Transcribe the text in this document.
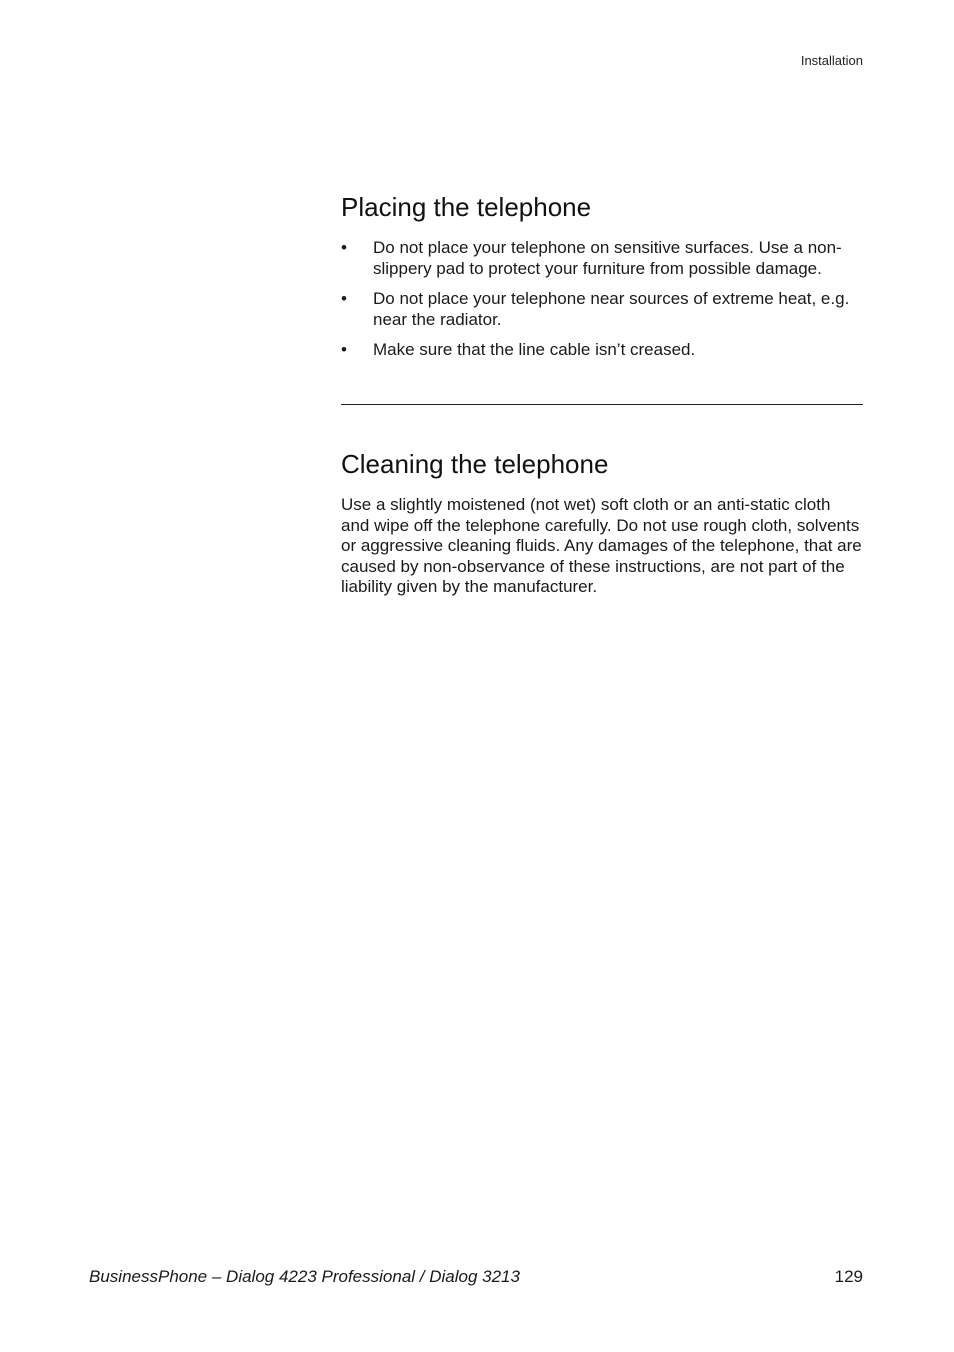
Installation
Placing the telephone
• Do not place your telephone on sensitive surfaces. Use a non-slippery pad to protect your furniture from possible damage.
• Do not place your telephone near sources of extreme heat, e.g. near the radiator.
• Make sure that the line cable isn’t creased.
Cleaning the telephone

Use a slightly moistened (not wet) soft cloth or an anti-static cloth and wipe off the telephone carefully. Do not use rough cloth, solvents or aggressive cleaning fluids. Any damages of the telephone, that are caused by non-observance of these instructions, are not part of the liability given by the manufacturer.

BusinessPhone – Dialog 4223 Professional / Dialog 3213	129
